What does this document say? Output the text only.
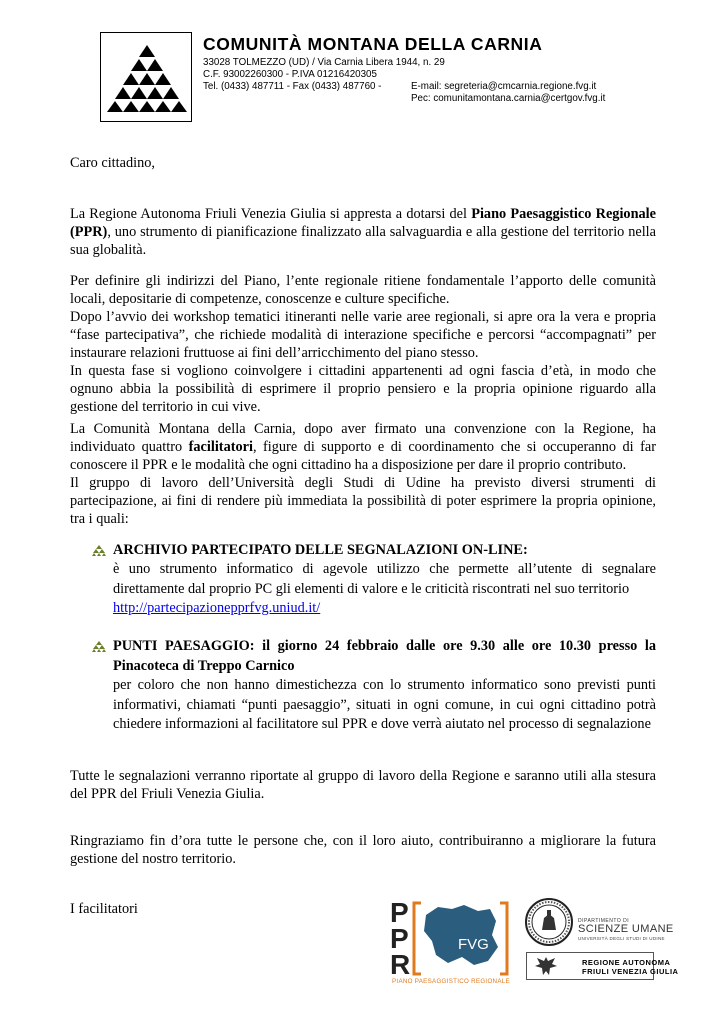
COMUNITÀ MONTANA DELLA CARNIA
33028 TOLMEZZO (UD) / Via Carnia Libera 1944, n. 29
C.F. 93002260300 - P.IVA 01216420305
Tel. (0433) 487711 - Fax (0433) 487760 -	E-mail: segreteria@cmcarnia.regione.fvg.it
Pec: comunitamontana.carnia@certgov.fvg.it
Caro cittadino,
La Regione Autonoma Friuli Venezia Giulia si appresta a dotarsi del Piano Paesaggistico Regionale (PPR), uno strumento di pianificazione finalizzato alla salvaguardia e alla gestione del territorio nella sua globalità.
Per definire gli indirizzi del Piano, l’ente regionale ritiene fondamentale l’apporto delle comunità locali, depositarie di competenze, conoscenze e culture specifiche.
Dopo l’avvio dei workshop tematici itineranti nelle varie aree regionali, si apre ora la vera e propria “fase partecipativa”, che richiede modalità di interazione specifiche e percorsi “accompagnati” per instaurare relazioni fruttuose ai fini dell’arricchimento del piano stesso.
In questa fase si vogliono coinvolgere i cittadini appartenenti ad ogni fascia d’età, in modo che ognuno abbia la possibilità di esprimere il proprio pensiero e la propria opinione riguardo alla gestione del territorio in cui vive.
La Comunità Montana della Carnia, dopo aver firmato una convenzione con la Regione, ha individuato quattro facilitatori, figure di supporto e di coordinamento che si occuperanno di far conoscere il PPR e le modalità che ogni cittadino ha a disposizione per dare il proprio contributo.
Il gruppo di lavoro dell’Università degli Studi di Udine ha previsto diversi strumenti di partecipazione, ai fini di rendere più immediata la possibilità di poter esprimere la propria opinione, tra i quali:
ARCHIVIO PARTECIPATO DELLE SEGNALAZIONI ON-LINE:
è uno strumento informatico di agevole utilizzo che permette all’utente di segnalare direttamente dal proprio PC gli elementi di valore e le criticità riscontrati nel suo territorio
http://partecipazionepprfvg.uniud.it/
PUNTI PAESAGGIO: il giorno 24 febbraio dalle ore 9.30 alle ore 10.30 presso la Pinacoteca di Treppo Carnico
per coloro che non hanno dimestichezza con lo strumento informatico sono previsti punti informativi, chiamati “punti paesaggio”, situati in ogni comune, in cui ogni cittadino potrà chiedere informazioni al facilitatore sul PPR e dove verrà aiutato nel processo di segnalazione
Tutte le segnalazioni verranno riportate al gruppo di lavoro della Regione e saranno utili alla stesura del PPR del Friuli Venezia Giulia.
Ringraziamo fin d’ora tutte le persone che, con il loro aiuto, contribuiranno a migliorare la futura gestione del nostro territorio.
I facilitatori	P
P
R
FVG
PIANO PAESAGGISTICO REGIONALE
DIPARTIMENTO DI
SCIENZE UMANE
UNIVERSITÀ DEGLI STUDI DI UDINE
REGIONE AUTONOMA
FRIULI VENEZIA GIULIA
